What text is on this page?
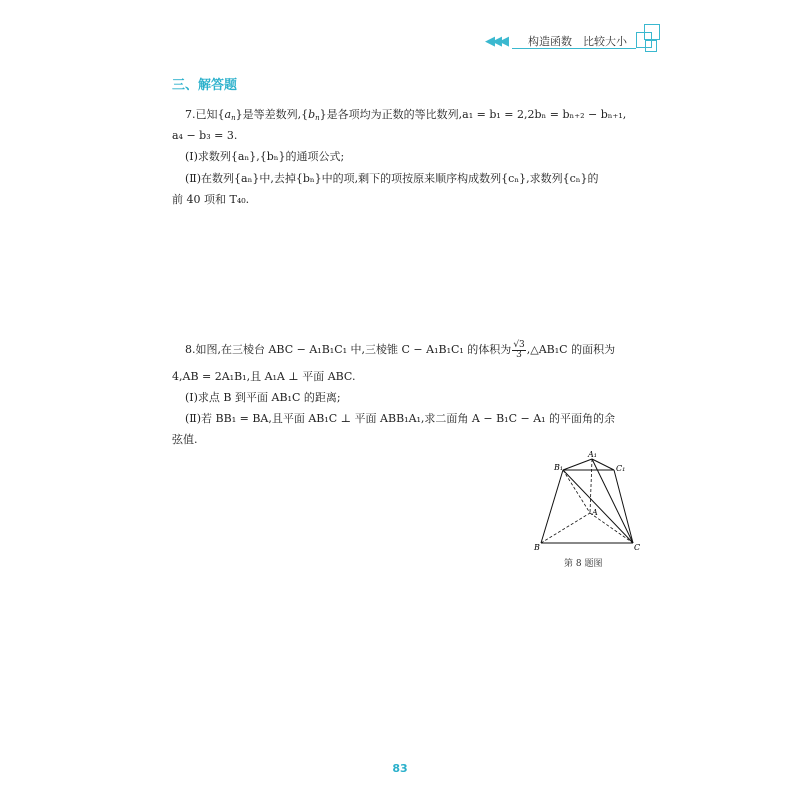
◀◀◀ 构造函数 比较大小
三、解答题
7.已知$\{a_n\}$是等差数列$,\{b_n\}$是各项均为正数的等比数列,a₁ = b₁ = 2,2bₙ = bₙ₊₂ − bₙ₊₁,
a₄ − b₃ = 3.
(Ⅰ)求数列{aₙ},{bₙ}的通项公式;
(Ⅱ)在数列{aₙ}中,去掉{bₙ}中的项,剩下的项按原来顺序构成数列{cₙ},求数列{cₙ}的
前 40 项和 T₄₀.
8.如图,在三棱台 ABC − A₁B₁C₁ 中,三棱锥 C − A₁B₁C₁ 的体积为 $\frac{√3}{3}$ ,△AB₁C 的面积为
4,AB = 2A₁B₁,且 A₁A ⊥ 平面 ABC.
(Ⅰ)求点 B 到平面 AB₁C 的距离;
(Ⅱ)若 BB₁ = BA,且平面 AB₁C ⊥ 平面 ABB₁A₁,求二面角 A − B₁C − A₁ 的平面角的余
弦值.
A₁
B₁	C₁
A
B	C
第 8 题图
83
